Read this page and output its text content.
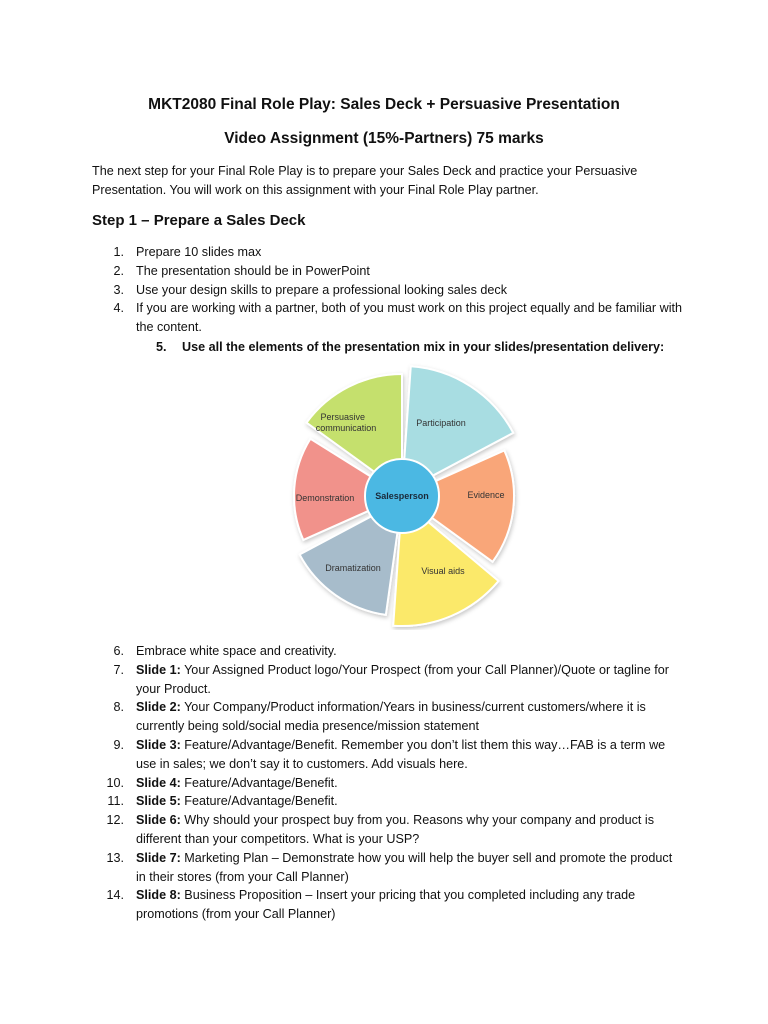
MKT2080 Final Role Play: Sales Deck + Persuasive Presentation
Video Assignment (15%-Partners) 75 marks

The next step for your Final Role Play is to prepare your Sales Deck and practice your Persuasive Presentation. You will work on this assignment with your Final Role Play partner.

Step 1 – Prepare a Sales Deck
1. Prepare 10 slides max
2. The presentation should be in PowerPoint
3. Use your design skills to prepare a professional looking sales deck
4. If you are working with a partner, both of you must work on this project equally and be familiar with the content.

5. Use all the elements of the presentation mix in your slides/presentation delivery:

Salesperson
Participation
Evidence
Visual aids
Dramatization
Demonstration
Persuasive communication
6. Embrace white space and creativity.
7. Slide 1: Your Assigned Product logo/Your Prospect (from your Call Planner)/Quote or tagline for your Product.
8. Slide 2: Your Company/Product information/Years in business/current customers/where it is currently being sold/social media presence/mission statement
9. Slide 3: Feature/Advantage/Benefit. Remember you don’t list them this way…FAB is a term we use in sales; we don’t say it to customers. Add visuals here.
10. Slide 4: Feature/Advantage/Benefit.
11. Slide 5: Feature/Advantage/Benefit.
12. Slide 6: Why should your prospect buy from you. Reasons why your company and product is different than your competitors. What is your USP?
13. Slide 7: Marketing Plan – Demonstrate how you will help the buyer sell and promote the product in their stores (from your Call Planner)
14. Slide 8: Business Proposition – Insert your pricing that you completed including any trade promotions (from your Call Planner)
